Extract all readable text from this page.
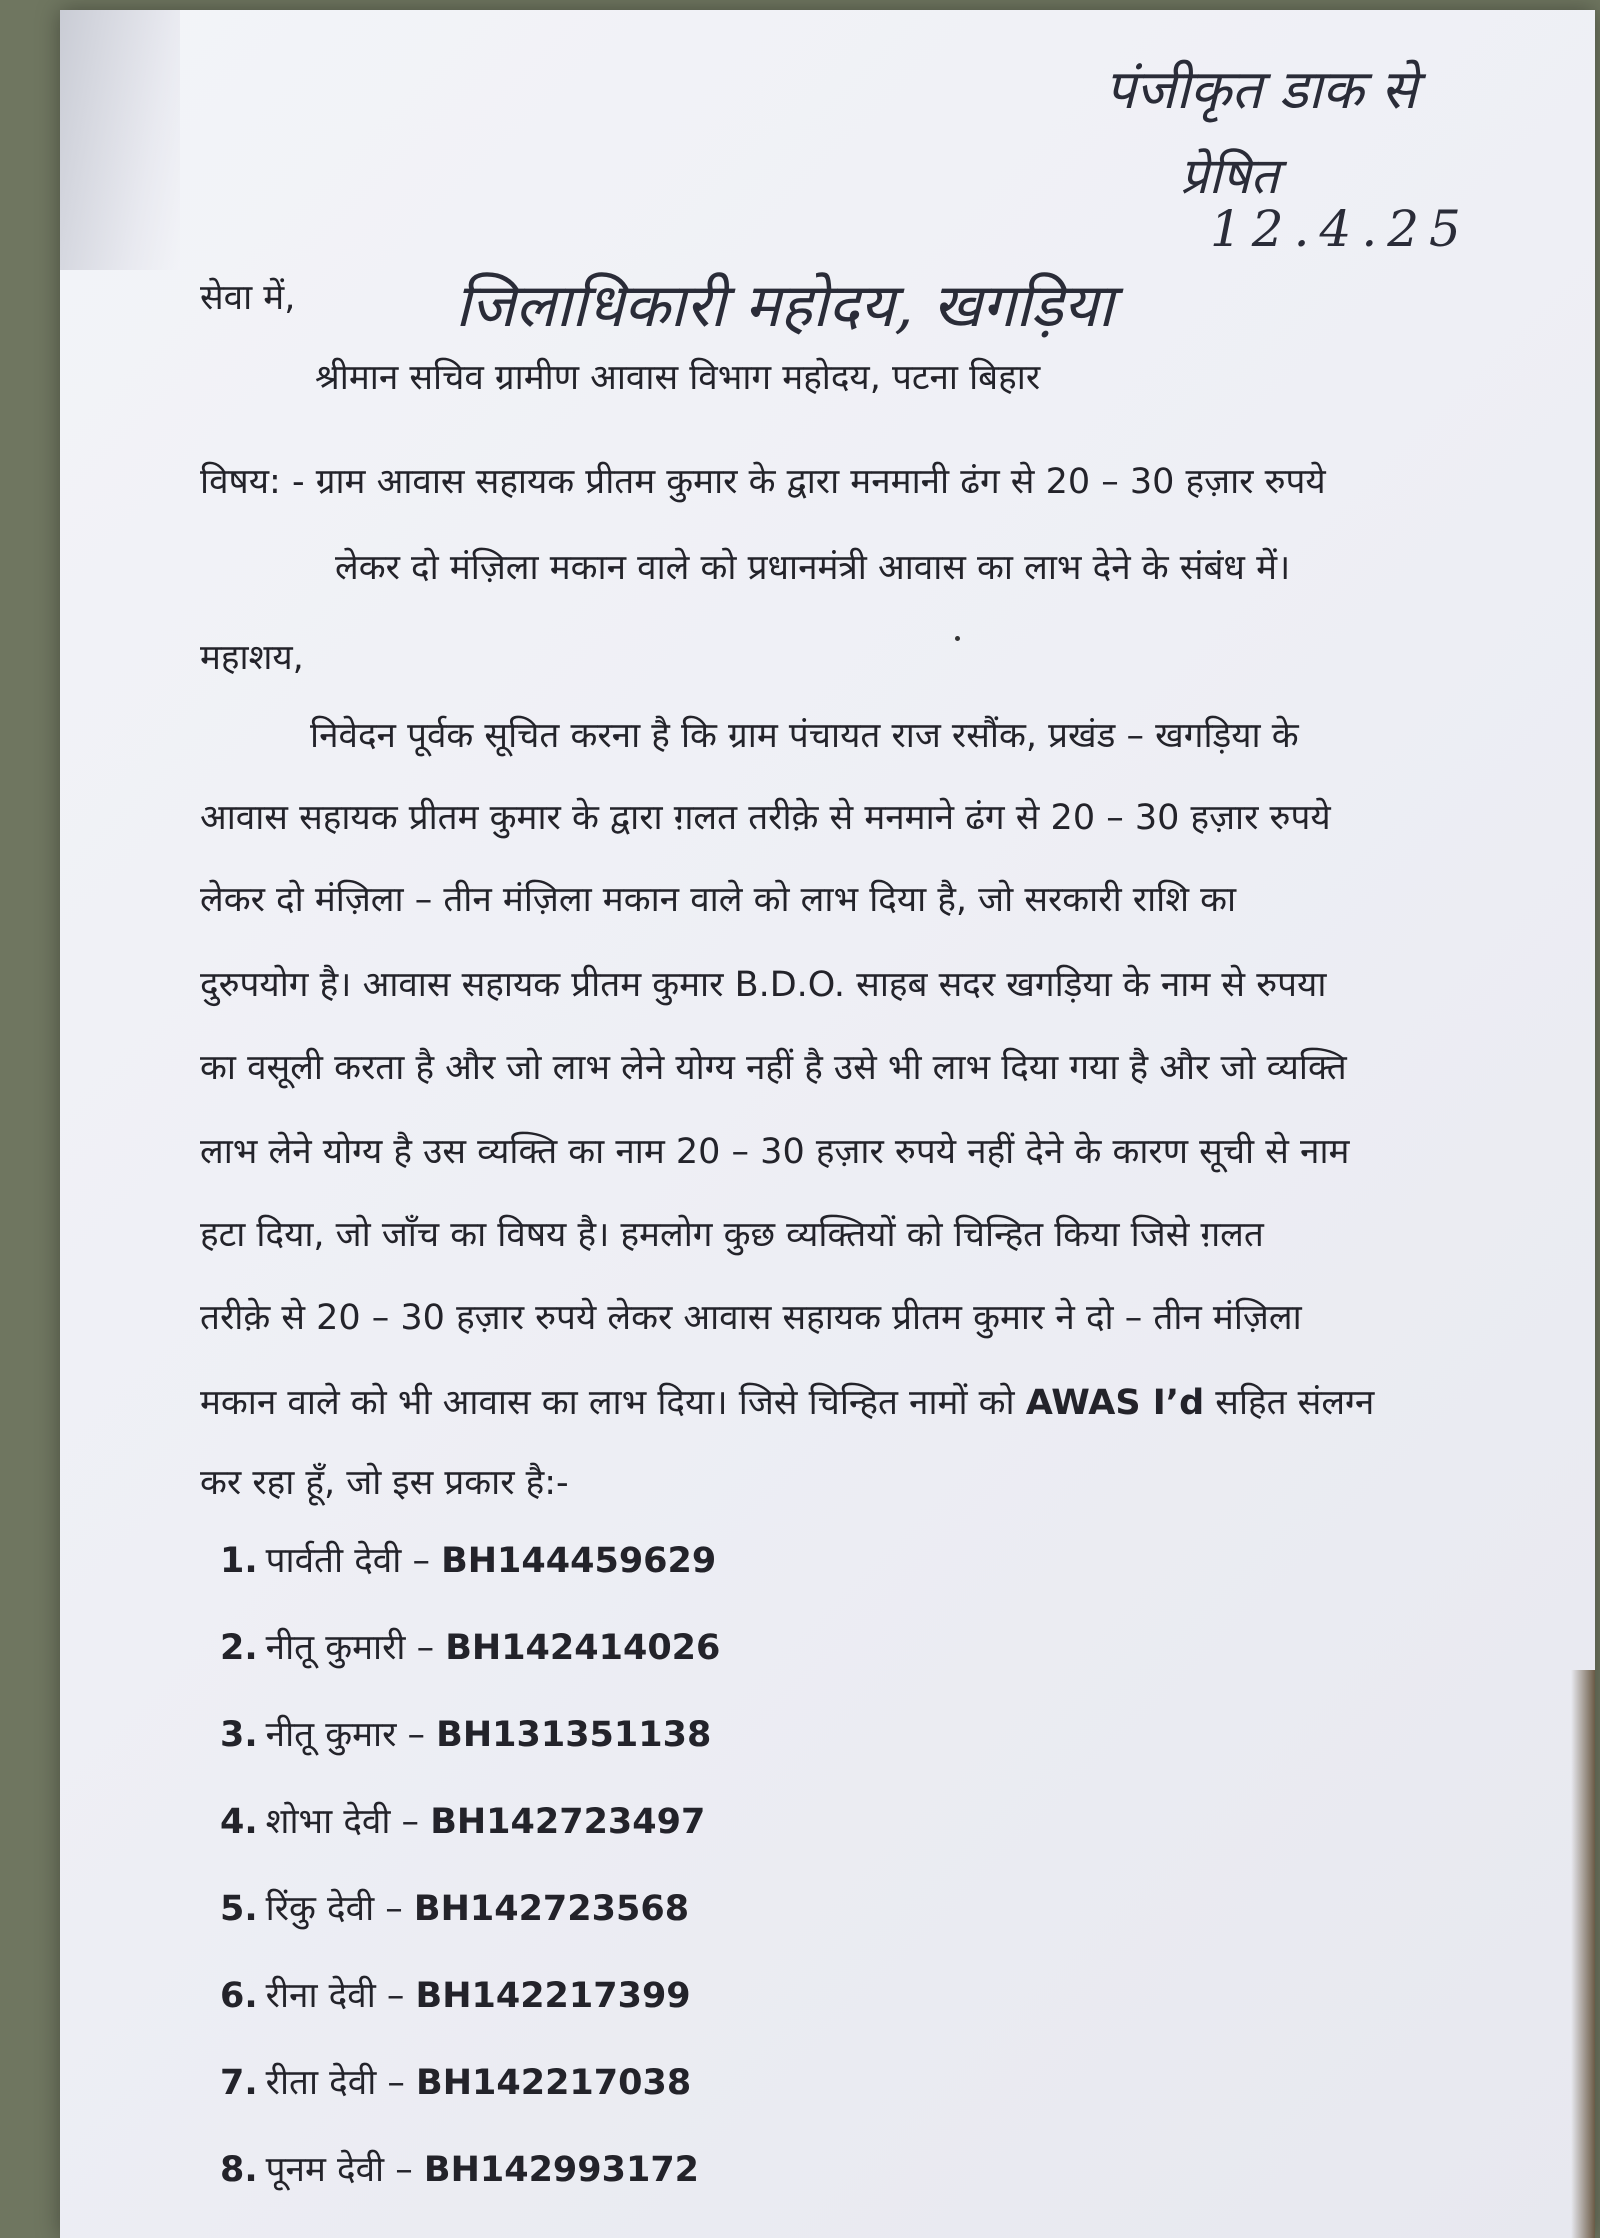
पंजीकृत डाक से
प्रेषित
12.4.25
जिलाधिकारी महोदय, खगड़िया
सेवा में,
श्रीमान सचिव ग्रामीण आवास विभाग महोदय, पटना बिहार
विषय: - ग्राम आवास सहायक प्रीतम कुमार के द्वारा मनमानी ढंग से 20 – 30 हज़ार रुपये
लेकर दो मंज़िला मकान वाले को प्रधानमंत्री आवास का लाभ देने के संबंध में।
महाशय,
निवेदन पूर्वक सूचित करना है कि ग्राम पंचायत राज रसौंक, प्रखंड – खगड़िया के
आवास सहायक प्रीतम कुमार के द्वारा ग़लत तरीक़े से मनमाने ढंग से 20 – 30 हज़ार रुपये
लेकर दो मंज़िला – तीन मंज़िला मकान वाले को लाभ दिया है, जो सरकारी राशि का
दुरुपयोग है। आवास सहायक प्रीतम कुमार B.D.O. साहब सदर खगड़िया के नाम से रुपया
का वसूली करता है और जो लाभ लेने योग्य नहीं है उसे भी लाभ दिया गया है और जो व्यक्ति
लाभ लेने योग्य है उस व्यक्ति का नाम 20 – 30 हज़ार रुपये नहीं देने के कारण सूची से नाम
हटा दिया, जो जाँच का विषय है। हमलोग कुछ व्यक्तियों को चिन्हित किया जिसे ग़लत
तरीक़े से 20 – 30 हज़ार रुपये लेकर आवास सहायक प्रीतम कुमार ने दो – तीन मंज़िला
मकान वाले को भी आवास का लाभ दिया। जिसे चिन्हित नामों को AWAS I’d सहित संलग्न
कर रहा हूँ, जो इस प्रकार है:-
1. पार्वती देवी – BH144459629
2. नीतू कुमारी – BH142414026
3. नीतू कुमार – BH131351138
4. शोभा देवी – BH142723497
5. रिंकु देवी – BH142723568
6. रीना देवी – BH142217399
7. रीता देवी – BH142217038
8. पूनम देवी – BH142993172
